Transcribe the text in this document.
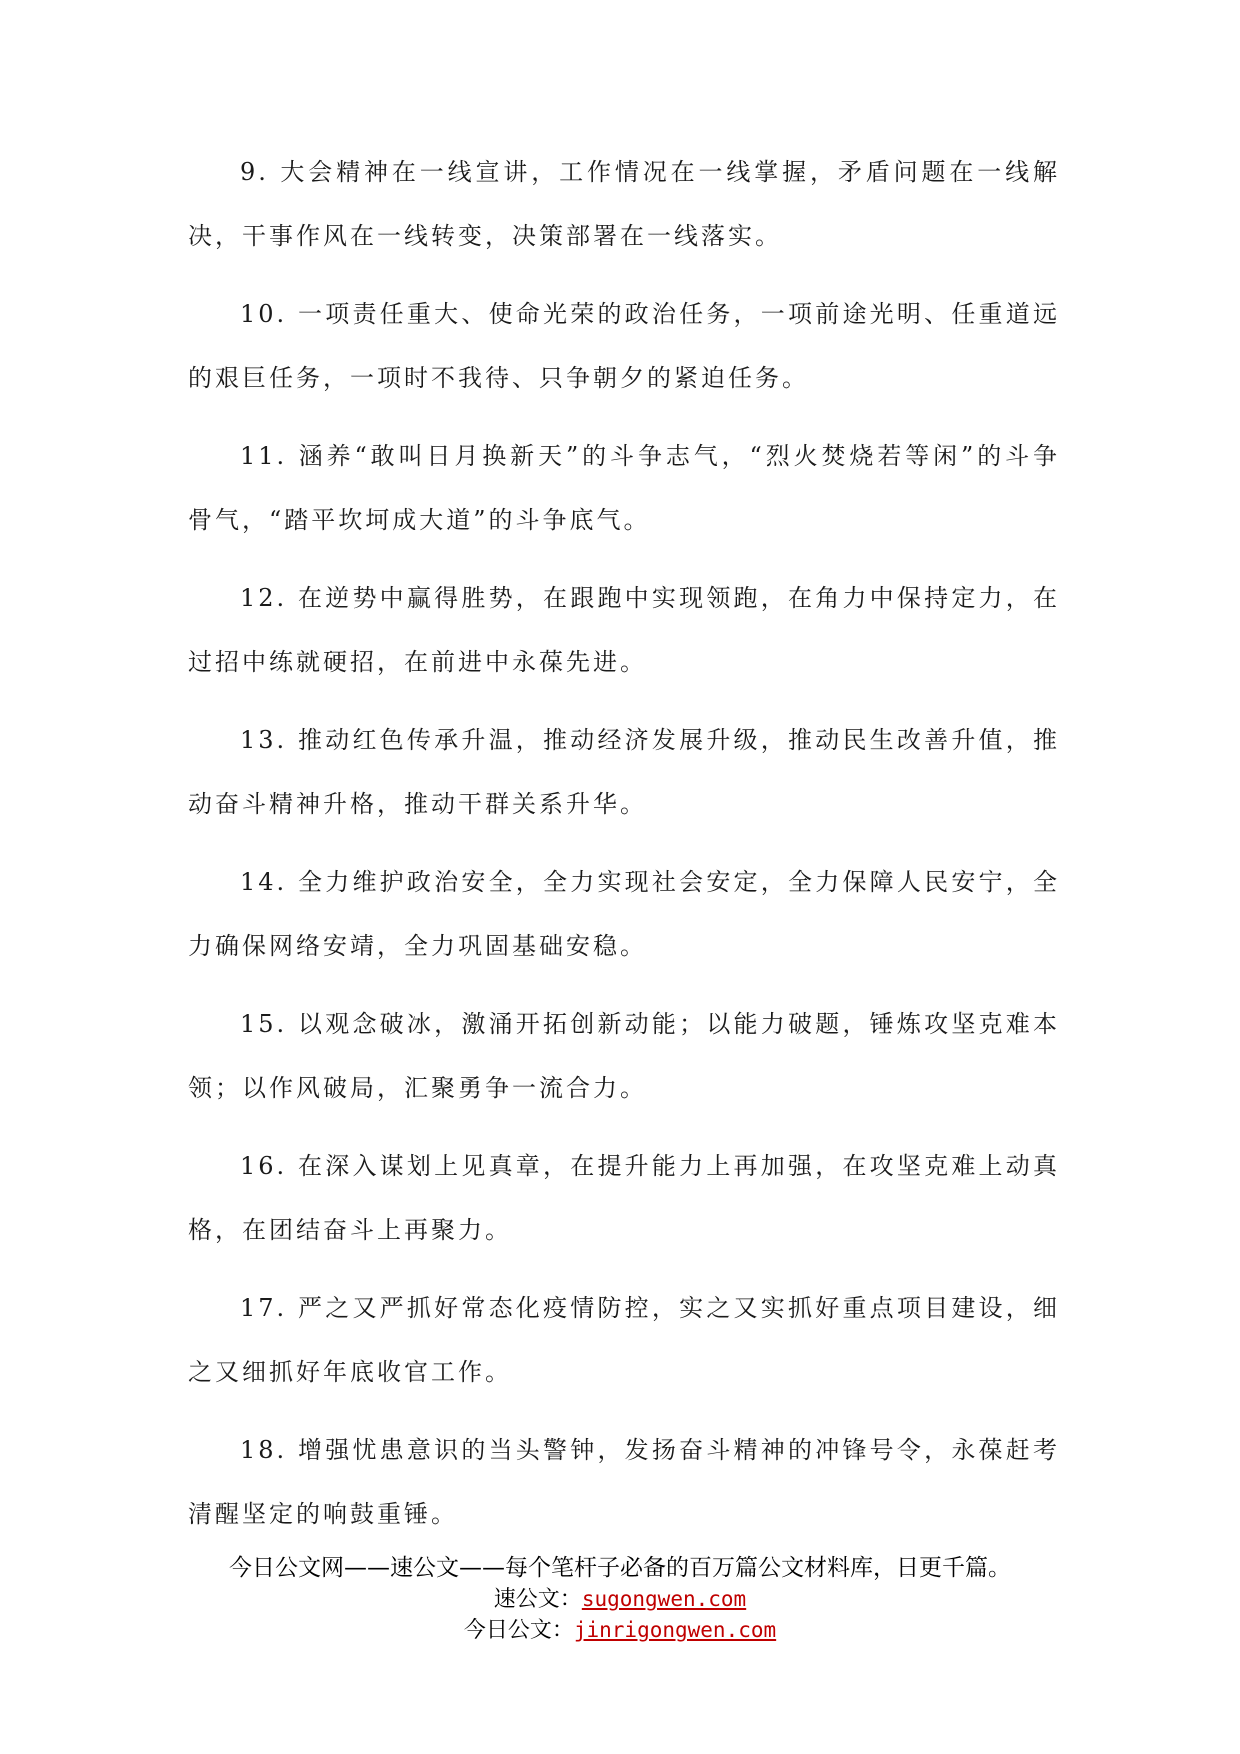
9. 大会精神在一线宣讲，工作情况在一线掌握，矛盾问题在一线解决，干事作风在一线转变，决策部署在一线落实。

10. 一项责任重大、使命光荣的政治任务，一项前途光明、任重道远的艰巨任务，一项时不我待、只争朝夕的紧迫任务。

11. 涵养“敢叫日月换新天”的斗争志气，“烈火焚烧若等闲”的斗争骨气，“踏平坎坷成大道”的斗争底气。

12. 在逆势中赢得胜势，在跟跑中实现领跑，在角力中保持定力，在过招中练就硬招，在前进中永葆先进。

13. 推动红色传承升温，推动经济发展升级，推动民生改善升值，推动奋斗精神升格，推动干群关系升华。

14. 全力维护政治安全，全力实现社会安定，全力保障人民安宁，全力确保网络安靖，全力巩固基础安稳。

15. 以观念破冰，激涌开拓创新动能；以能力破题，锤炼攻坚克难本领；以作风破局，汇聚勇争一流合力。

16. 在深入谋划上见真章，在提升能力上再加强，在攻坚克难上动真格，在团结奋斗上再聚力。

17. 严之又严抓好常态化疫情防控，实之又实抓好重点项目建设，细之又细抓好年底收官工作。

18. 增强忧患意识的当头警钟，发扬奋斗精神的冲锋号令，永葆赶考清醒坚定的响鼓重锤。

今日公文网——速公文——每个笔杆子必备的百万篇公文材料库，日更千篇。
速公文：sugongwen.com
今日公文：jinrigongwen.com
